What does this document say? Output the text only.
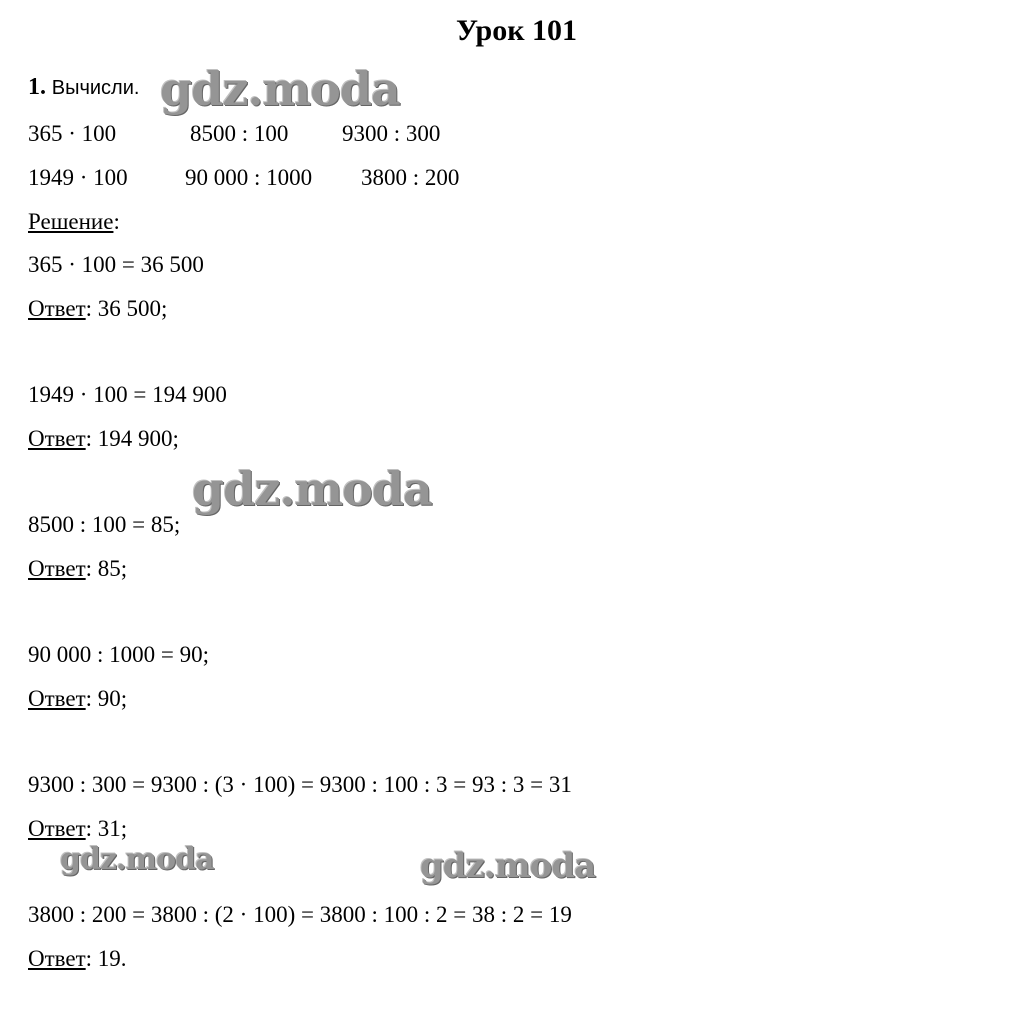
Урок 101
1. Вычисли.
365 · 100	8500 : 100 9300 : 300
1949 · 100 90 000 : 1000 3800 : 200
Решение:
365 · 100 = 36 500
Ответ: 36 500;
1949 · 100 = 194 900
Ответ: 194 900;
8500 : 100 = 85;
Ответ: 85;
90 000 : 1000 = 90;
Ответ: 90;
9300 : 300 = 9300 : (3 · 100) = 9300 : 100 : 3 = 93 : 3 = 31
Ответ: 31;
3800 : 200 = 3800 : (2 · 100) = 3800 : 100 : 2 = 38 : 2 = 19
Ответ: 19.
gdz.moda
gdz.moda
gdz.moda	gdz.moda
